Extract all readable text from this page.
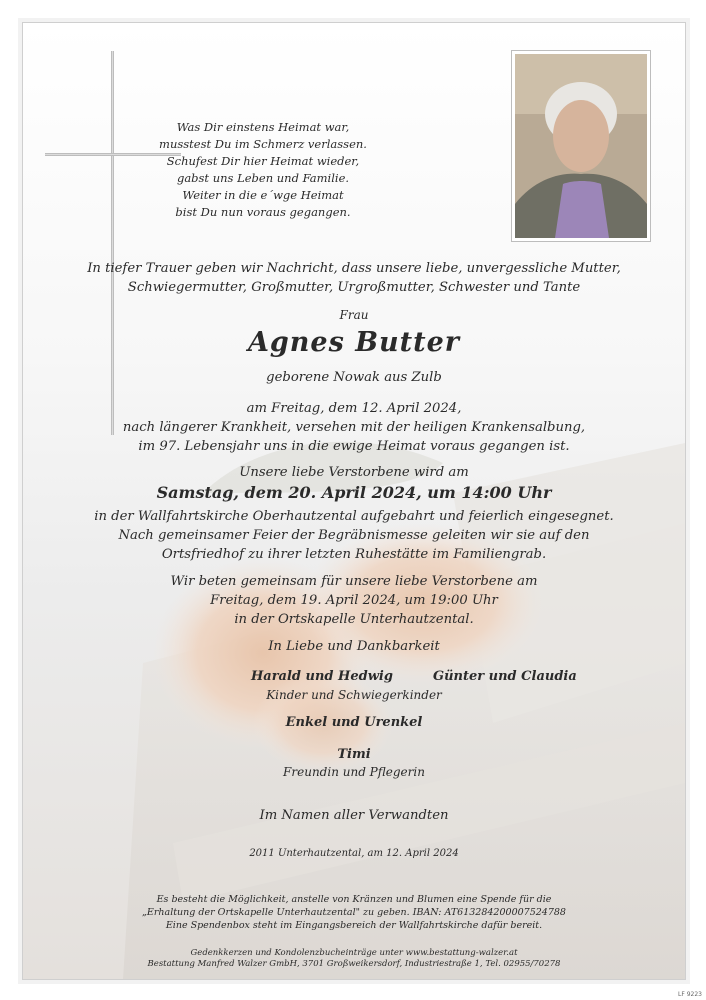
Was Dir einstens Heimat war,
musstest Du im Schmerz verlassen.
Schufest Dir hier Heimat wieder,
gabst uns Leben und Familie.
Weiter in die e´wge Heimat
bist Du nun voraus gegangen.
In tiefer Trauer geben wir Nachricht, dass unsere liebe, unvergessliche Mutter,
Schwiegermutter, Großmutter, Urgroßmutter, Schwester und Tante
Frau
Agnes Butter
geborene Nowak aus Zulb
am Freitag, dem 12. April 2024,
nach längerer Krankheit, versehen mit der heiligen Krankensalbung,
im 97. Lebensjahr uns in die ewige Heimat voraus gegangen ist.
Unsere liebe Verstorbene wird am
Samstag, dem 20. April 2024, um 14:00 Uhr
in der Wallfahrtskirche Oberhautzental aufgebahrt und feierlich eingesegnet.
Nach gemeinsamer Feier der Begräbnismesse geleiten wir sie auf den
Ortsfriedhof zu ihrer letzten Ruhestätte im Familiengrab.
Wir beten gemeinsam für unsere liebe Verstorbene am
Freitag, dem 19. April 2024, um 19:00 Uhr
in der Ortskapelle Unterhautzental.
In Liebe und Dankbarkeit
Harald und Hedwig	Günter und Claudia
Kinder und Schwiegerkinder
Enkel und Urenkel
Timi
Freundin und Pflegerin
Im Namen aller Verwandten
2011 Unterhautzental, am 12. April 2024
Es besteht die Möglichkeit, anstelle von Kränzen und Blumen eine Spende für die
„Erhaltung der Ortskapelle Unterhautzental" zu geben. IBAN: AT613284200007524788
Eine Spendenbox steht im Eingangsbereich der Wallfahrtskirche dafür bereit.
Gedenkkerzen und Kondolenzbucheinträge unter www.bestattung-walzer.at
Bestattung Manfred Walzer GmbH, 3701 Großweikersdorf, Industriestraße 1, Tel. 02955/70278
LF 9223
